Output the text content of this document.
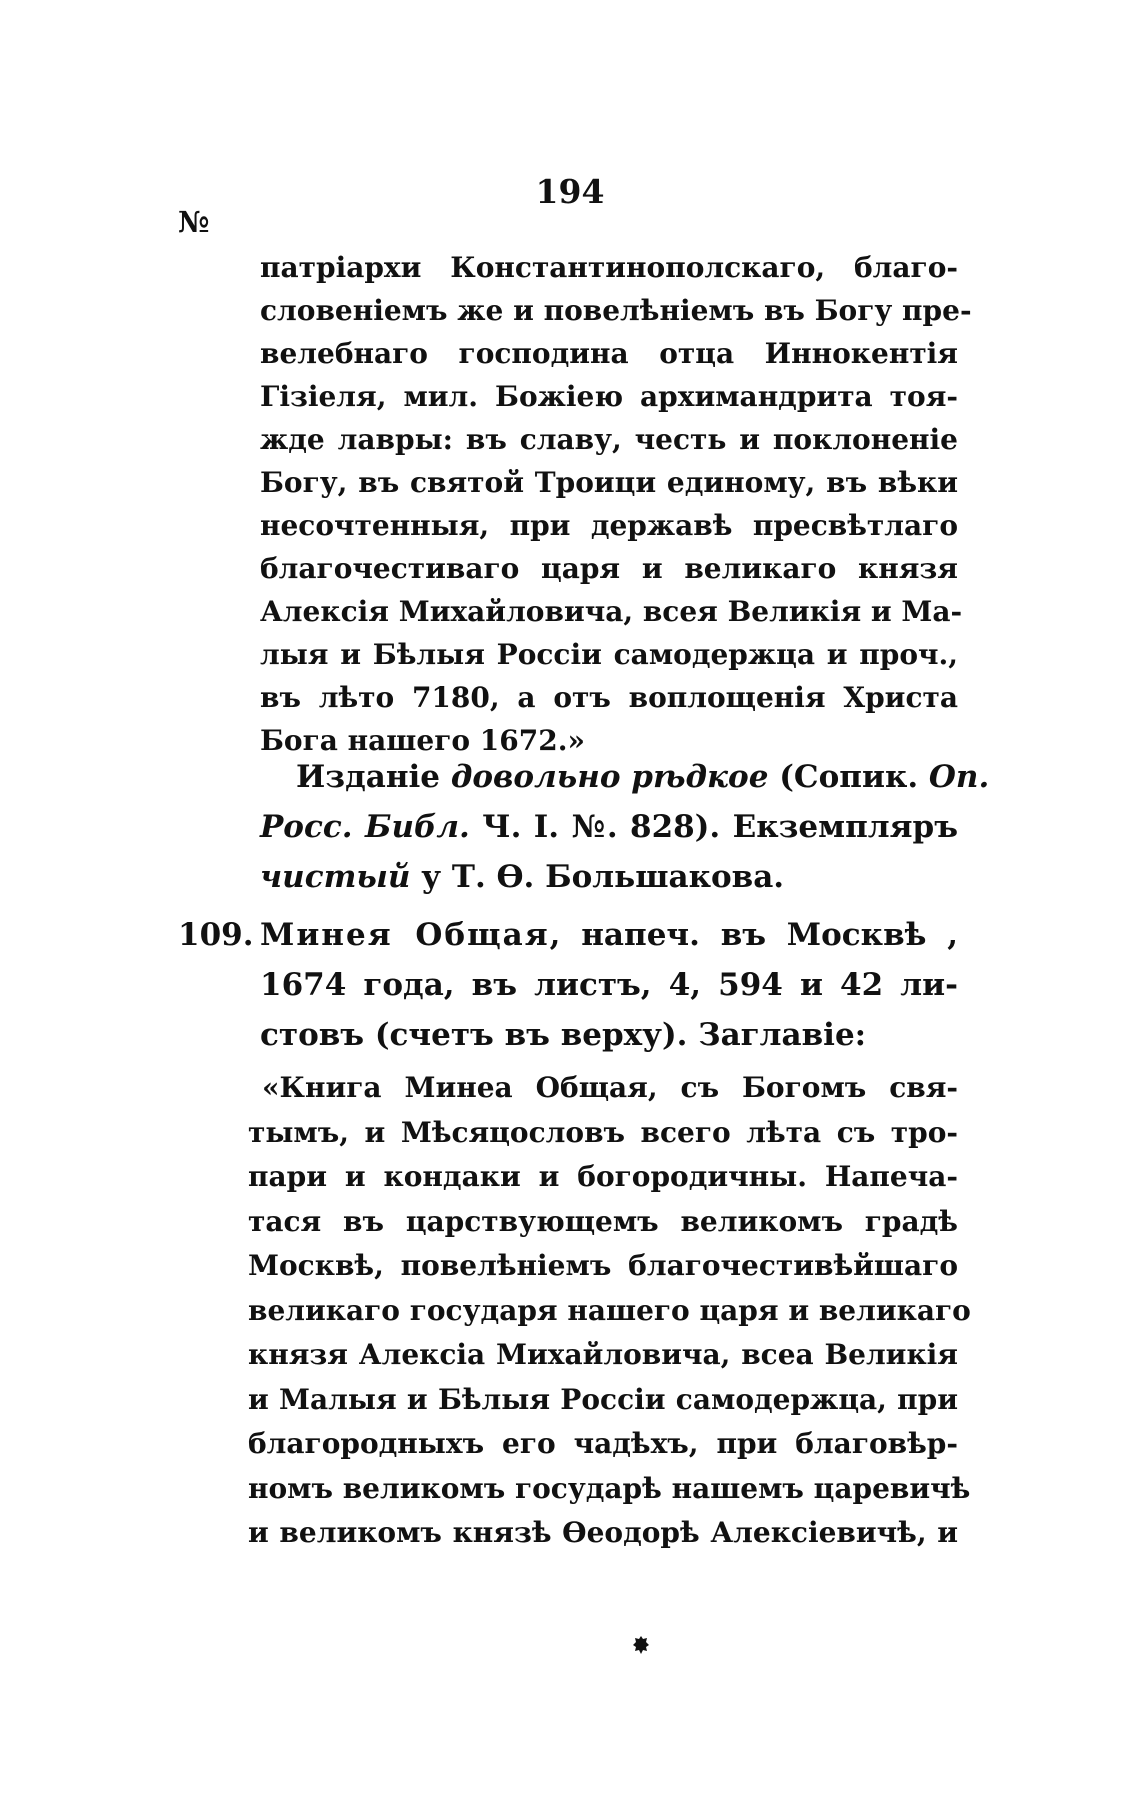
194
№
патріархи Константинополскаго, благо-
словеніемъ же и повелѣніемъ въ Богу пре-
велебнаго господина отца Иннокентія
Гізіеля, мил. Божіею архимандрита тоя-
жде лавры: въ славу, честь и поклоненіе
Богу, въ святой Троици единому, въ вѣки
несочтенныя, при державѣ пресвѣтлаго
благочестиваго царя и великаго князя
Алексія Михайловича, всея Великія и Ма-
лыя и Бѣлыя Россіи самодержца и проч.,
въ лѣто 7180, а отъ воплощенія Христа
Бога нашего 1672.»
Изданіе довольно рѣдкое (Сопик. Оп.
Росс. Библ. Ч. I. №. 828). Екземпляръ
чистый у Т. Ѳ. Большакова.
109. Минея Общая, напеч. въ Москвѣ ,
1674 года, въ листъ, 4, 594 и 42 ли-
стовъ (счетъ въ верху). Заглавіе:
«Книга Минеа Общая, съ Богомъ свя-
тымъ, и Мѣсяцословъ всего лѣта съ тро-
пари и кондаки и богородичны. Напеча-
тася въ царствующемъ великомъ градѣ
Москвѣ, повелѣніемъ благочестивѣйшаго
великаго государя нашего царя и великаго
князя Алексіа Михайловича, всеа Великія
и Малыя и Бѣлыя Россіи самодержца, при
благородныхъ его чадѣхъ, при благовѣр-
номъ великомъ государѣ нашемъ царевичѣ
и великомъ князѣ Ѳеодорѣ Алексіевичѣ, и
